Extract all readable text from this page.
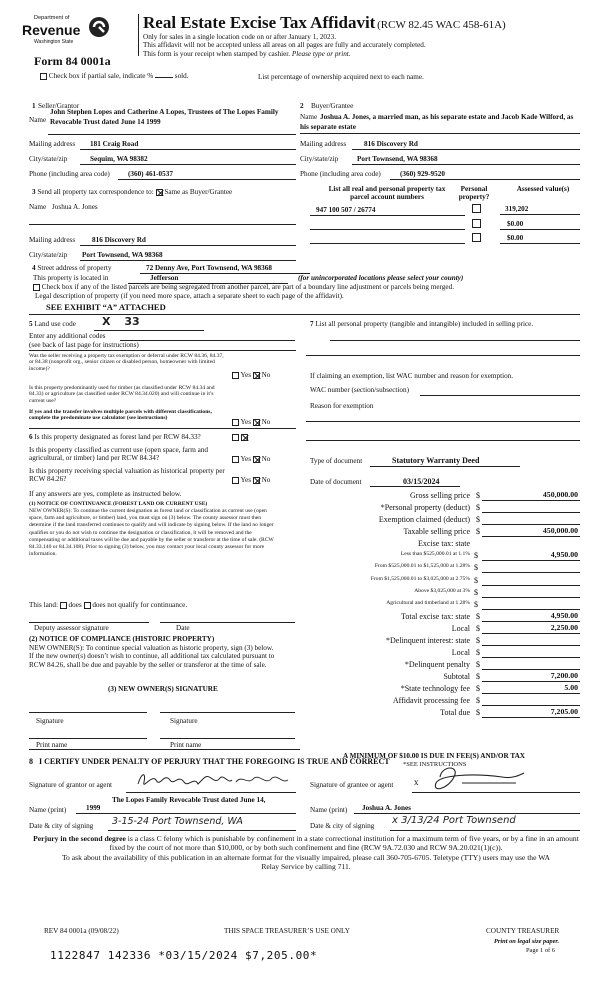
Department of
Revenue
Washington State
Form 84 0001a
Real Estate Excise Tax Affidavit (RCW 82.45 WAC 458-61A)
Only for sales in a single location code on or after January 1, 2023.
This affidavit will not be accepted unless all areas on all pages are fully and accurately completed.
This form is your receipt when stamped by cashier. Please type or print.
Check box if partial sale, indicate %	sold.	List percentage of ownership acquired next to each name.
1 Seller/Grantor
Name
John Stephen Lopes and Catherine A Lopes, Trustees of The Lopes Family Revocable Trust dated June 14 1999
Mailing address 181 Craig Road
City/state/zip	Sequim, WA 98382
Phone (including area code)	(360) 461-0537
2 Buyer/Grantee
Name Joshua A. Jones, a married man, as his separate estate and Jacob Kade Wilford, as his separate estate
Mailing address 816 Discovery Rd
City/state/zip	Port Townsend, WA 98368
Phone (including area code)	(360) 929-9520
3 Send all property tax correspondence to: Same as Buyer/Grantee
Name Joshua A. Jones
Mailing address 816 Discovery Rd
City/state/zip Port Townsend, WA 98368
List all real and personal property tax parcel account numbers
Personal property?
Assessed value(s)
947 100 507 / 26774	319,202
$0.00
$0.00
4 Street address of property	72 Denny Ave, Port Townsend, WA 98368
This property is located in	Jefferson	(for unincorporated locations please select your county)
Check box if any of the listed parcels are being segregated from another parcel, are part of a boundary line adjustment or parcels being merged.
Legal description of property (if you need more space, attach a separate sheet to each page of the affidavit).
SEE EXHIBIT “A” ATTACHED
5 Land use code X 33
Enter any additional codes
(see back of last page for instructions)
Was the seller receiving a property tax exemption or deferral under RCW 84.36, 84.37, or 84.38 (nonprofit org., senior citizen or disabled person, homeowner with limited income)?
Yes No
Is this property predominantly used for timber (as classified under RCW 84.34 and 84.33) or agriculture (as classified under RCW 84.34.020) and will continue in it’s current use?
If yes and the transfer involves multiple parcels with different classifications, complete the predominate use calculator (see instructions)	Yes No
6 Is this property designated as forest land per RCW 84.33?

Is this property classified as current use (open space, farm and agricultural, or timber) land per RCW 84.34?	Yes No
Is this property receiving special valuation as historical property per RCW 84.26?	Yes No
If any answers are yes, complete as instructed below.
(1) NOTICE OF CONTINUANCE (FOREST LAND OR CURRENT USE)
NEW OWNER(S): To continue the current designation as forest land or classification as current use (open space, farm and agriculture, or timber) land, you must sign on (3) below. The county assessor must then determine if the land transferred continues to qualify and will indicate by signing below. If the land no longer qualifies or you do not wish to continue the designation or classification, it will be removed and the compensating or additional taxes will be due and payable by the seller or transferor at the time of sale. (RCW 84.33.140 or 84.34.108). Prior to signing (3) below, you may contact your local county assessor for more information.
This land: does does not qualify for continuance.
Deputy assessor signature	Date
(2) NOTICE OF COMPLIANCE (HISTORIC PROPERTY)
NEW OWNER(S): To continue special valuation as historic property, sign (3) below. If the new owner(s) doesn’t wish to continue, all additional tax calculated pursuant to RCW 84.26, shall be due and payable by the seller or transferor at the time of sale.
(3) NEW OWNER(S) SIGNATURE
Signature	Signature
Print name	Print name
7 List all personal property (tangible and intangible) included in selling price.
If claiming an exemption, list WAC number and reason for exemption.
WAC number (section/subsection)
Reason for exemption
Type of document	Statutory Warranty Deed
Date of document	03/15/2024
Gross selling price $	450,000.00
*Personal property (deduct) $
Exemption claimed (deduct) $
Taxable selling price $	450,000.00
Excise tax: state
Less than $525,000.01 at 1.1% $	4,950.00
From $525,000.01 to $1,525,000 at 1.28% $
From $1,525,000.01 to $3,025,000 at 2.75% $
Above $3,025,000 at 3% $
Agricultural and timberland at 1.28% $
Total excise tax: state $	4,950.00
Local $	2,250.00
*Delinquent interest: state $
Local $
*Delinquent penalty $
Subtotal $	7,200.00
*State technology fee $	5.00
Affidavit processing fee $
Total due $	7,205.00
A MINIMUM OF $10.00 IS DUE IN FEE(S) AND/OR TAX
*SEE INSTRUCTIONS
8 I CERTIFY UNDER PENALTY OF PERJURY THAT THE FOREGOING IS TRUE AND CORRECT
Signature of grantor or agent
The Lopes Family Revocable Trust dated June 14,
Name (print)	1999
Date & city of signing 3-15-24 Port Townsend, WA
Signature of grantee or agent x
Name (print) Joshua A. Jones
Date & city of signing x 3/13/24 Port Townsend
Perjury in the second degree is a class C felony which is punishable by confinement in a state correctional institution for a maximum term of five years, or by a fine in an amount fixed by the court of not more than $10,000, or by both such confinement and fine (RCW 9A.72.030 and RCW 9A.20.021(1)(c)).
To ask about the availability of this publication in an alternate format for the visually impaired, please call 360-705-6705. Teletype (TTY) users may use the WA Relay Service by calling 711.
REV 84 0001a (09/08/22)	THIS SPACE TREASURER’S USE ONLY	COUNTY TREASURER
Print on legal size paper.
Page 1 of 6
1122847 142336 *03/15/2024 $7,205.00*
